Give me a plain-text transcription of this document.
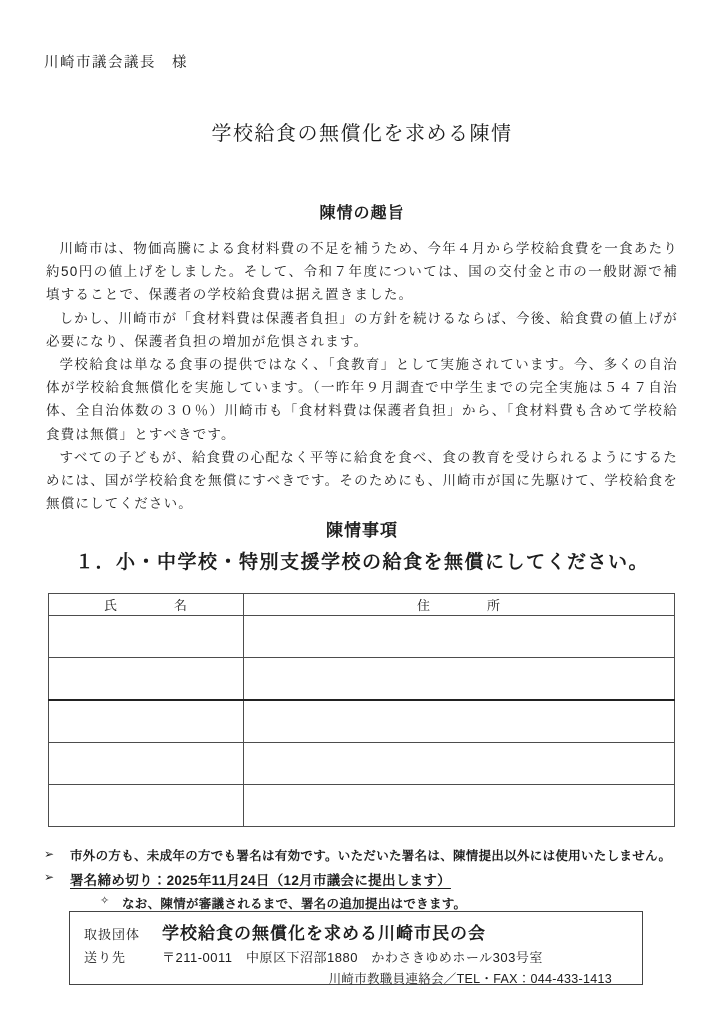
川崎市議会議長　様
学校給食の無償化を求める陳情
陳情の趣旨

川崎市は、物価高騰による食材料費の不足を補うため、今年４月から学校給食費を一食あたり約50円の値上げをしました。そして、令和７年度については、国の交付金と市の一般財源で補填することで、保護者の学校給食費は据え置きました。

しかし、川崎市が「食材料費は保護者負担」の方針を続けるならば、今後、給食費の値上げが必要になり、保護者負担の増加が危惧されます。

学校給食は単なる食事の提供ではなく、「食教育」として実施されています。今、多くの自治体が学校給食無償化を実施しています。（一昨年９月調査で中学生までの完全実施は５４７自治体、全自治体数の３０％）川崎市も「食材料費は保護者負担」から、「食材料費も含めて学校給食費は無償」とすべきです。

すべての子どもが、給食費の心配なく平等に給食を食べ、食の教育を受けられるようにするためには、国が学校給食を無償にすべきです。そのためにも、川崎市が国に先駆けて、学校給食を無償にしてください。

陳情事項
１．小・中学校・特別支援学校の給食を無償にしてください。
氏　　　　名	住　　　　所

➢	市外の方も、未成年の方でも署名は有効です。いただいた署名は、陳情提出以外には使用いたしません。
➢	署名締め切り：2025年11月24日（12月市議会に提出します）
✧ なお、陳情が審議されるまで、署名の追加提出はできます。
取扱団体	学校給食の無償化を求める川崎市民の会
送り先	〒211-0011　中原区下沼部1880　かわさきゆめホール303号室
川崎市教職員連絡会／TEL・FAX：044-433-1413
